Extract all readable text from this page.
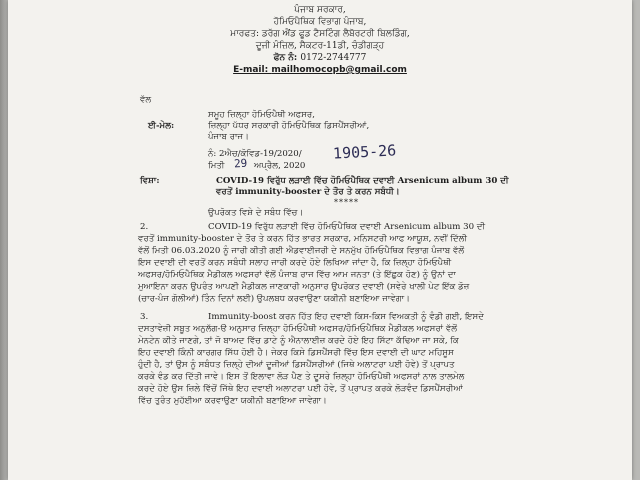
ਪੰਜਾਬ ਸਰਕਾਰ,
ਹੋਮਿਓਪੈਥਿਕ ਵਿਭਾਗ ਪੰਜਾਬ,
ਮਾਰਫਤ: ਡਰੱਗ ਐਂਡ ਫੂਡ ਟੈਸਟਿੰਗ ਲੈਬੋਰਟਰੀ ਬਿਲਡਿੰਗ,
ਦੂਜੀ ਮੰਜ਼ਿਲ, ਸੈਕਟਰ-11ਡੀ, ਚੰਡੀਗੜ੍ਹ
ਫੋਨ ਨੰ: 0172-2744777
E-mail: mailhomocopb@gmail.com
ਵੱਲ
ਸਮੂਹ ਜ਼ਿਲ੍ਹਾ ਹੋਮਿਓਪੈਥੀ ਅਫਸਰ,
ਈ-ਮੇਲ:	ਜ਼ਿਲ੍ਹਾ ਪੱਧਰ ਸਰਕਾਰੀ ਹੋਮਿਓਪੈਥਿਕ ਡਿਸਪੈਂਸਰੀਆਂ,
ਪੰਜਾਬ ਰਾਜ।
ਨੰ: 2ਐਚ/ਕੋਵਿਡ-19/2020/ 1905-26
ਮਿਤੀ 29 ਅਪ੍ਰੈਲ, 2020
ਵਿਸ਼ਾ:	COVID-19 ਵਿਰੁੱਧ ਲੜਾਈ ਵਿੱਚ ਹੋਮਿਓਪੈਥਿਕ ਦਵਾਈ Arsenicum album 30 ਦੀ
ਵਰਤੋਂ immunity-booster ਦੇ ਤੌਰ ਤੇ ਕਰਨ ਸਬੰਧੀ।
*****
ਉਪਰੋਕਤ ਵਿਸ਼ੇ ਦੇ ਸਬੰਧ ਵਿੱਚ।
2.	COVID-19 ਵਿਰੁੱਧ ਲੜਾਈ ਵਿੱਚ ਹੋਮਿਓਪੈਥਿਕ ਦਵਾਈ Arsenicum album 30 ਦੀ
ਵਰਤੋਂ immunity-booster ਦੇ ਤੌਰ ਤੇ ਕਰਨ ਹਿੱਤ ਭਾਰਤ ਸਰਕਾਰ, ਮਨਿਸਟਰੀ ਆਫ ਆਯੂਸ਼, ਨਵੀਂ ਦਿੱਲੀ
ਵੱਲੋਂ ਮਿਤੀ 06.03.2020 ਨੂੰ ਜਾਰੀ ਕੀਤੀ ਗਈ ਐਡਵਾਈਜਰੀ ਦੇ ਸਨਮੁੱਖ ਹੋਮਿਓਪੈਥਿਕ ਵਿਭਾਗ ਪੰਜਾਬ ਵੱਲੋਂ
ਇਸ ਦਵਾਈ ਦੀ ਵਰਤੋਂ ਕਰਨ ਸਬੰਧੀ ਸਲਾਹ ਜਾਰੀ ਕਰਦੇ ਹੋਏ ਲਿਖਿਆ ਜਾਂਦਾ ਹੈ, ਕਿ ਜ਼ਿਲ੍ਹਾ ਹੋਮਿਓਪੈਥੀ
ਅਫਸਰ/ਹੋਮਿਓਪੈਥਿਕ ਮੈਡੀਕਲ ਅਫਸਰਾਂ ਵੱਲੋਂ ਪੰਜਾਬ ਰਾਜ ਵਿੱਚ ਆਮ ਜਨਤਾ (ਤੇ ਇੱਛੁਕ ਹੋਣ) ਨੂੰ ਉਨਾਂ ਦਾ
ਮੁਆਇਨਾ ਕਰਨ ਉਪਰੰਤ ਆਪਣੀ ਮੈਡੀਕਲ ਜਾਣਕਾਰੀ ਅਨੁਸਾਰ ਉਪਰੋਕਤ ਦਵਾਈ (ਸਵੇਰੇ ਖਾਲੀ ਪੇਟ ਇੱਕ ਡੋਜ਼
(ਚਾਰ-ਪੰਜ ਗੋਲੀਆਂ) ਤਿੰਨ ਦਿਨਾਂ ਲਈ) ਉਪਲਬਧ ਕਰਵਾਉਣਾ ਯਕੀਨੀ ਬਣਾਇਆ ਜਾਵੇਗਾ।
3.	Immunity-boost ਕਰਨ ਹਿੱਤ ਇਹ ਦਵਾਈ ਕਿਸ-ਕਿਸ ਵਿਅਕਤੀ ਨੂੰ ਵੰਡੀ ਗਈ, ਇਸਦੇ
ਦਸਤਾਵੇਜ਼ੀ ਸਬੂਤ ਅਨੁਲੱਗ-ੳ ਅਨੁਸਾਰ ਜ਼ਿਲ੍ਹਾ ਹੋਮਿਓਪੈਥੀ ਅਫਸਰ/ਹੋਮਿਓਪੈਥਿਕ ਮੈਡੀਕਲ ਅਫਸਰਾਂ ਵੱਲੋਂ
ਮੇਨਟੇਨ ਕੀਤੇ ਜਾਣਗੇ, ਤਾਂ ਜੋ ਬਾਅਦ ਵਿੱਚ ਡਾਟੇ ਨੂੰ ਐਨਾਲਾਈਜ਼ ਕਰਦੇ ਹੋਏ ਇਹ ਸਿੱਟਾ ਕੱਢਿਆ ਜਾ ਸਕੇ, ਕਿ
ਇਹ ਦਵਾਈ ਕਿੰਨੀ ਕਾਰਗਰ ਸਿੱਧ ਹੋਈ ਹੈ। ਜੇਕਰ ਕਿਸੇ ਡਿਸਪੈਂਸਰੀ ਵਿੱਚ ਇਸ ਦਵਾਈ ਦੀ ਘਾਟ ਮਹਿਸੂਸ
ਹੁੰਦੀ ਹੈ, ਤਾਂ ਉਸ ਨੂੰ ਸਬੰਧਤ ਜ਼ਿਲ੍ਹੇ ਦੀਆਂ ਦੂਜੀਆਂ ਡਿਸਪੈਂਸਰੀਆਂ (ਜਿਥੇ ਅਲਾਟਰਾ ਪਈ ਹੋਵੇ) ਤੋਂ ਪ੍ਰਾਪਤ
ਕਰਕੇ ਵੰਡ ਕਰ ਦਿੱਤੀ ਜਾਵੇ। ਇਸ ਤੋਂ ਇਲਾਵਾ ਲੋੜ ਪੈਣ ਤੇ ਦੂਸਰੇ ਜ਼ਿਲ੍ਹਾ ਹੋਮਿਓਪੈਥੀ ਅਫਸਰਾਂ ਨਾਲ ਤਾਲਮੇਲ
ਕਰਦੇ ਹੋਏ ਉਸ ਜ਼ਿਲੇ ਵਿੱਚੋਂ ਜਿੱਥੇ ਇਹ ਦਵਾਈ ਅਲਾਟਰਾ ਪਈ ਹੋਵੇ, ਤੋਂ ਪ੍ਰਾਪਤ ਕਰਕੇ ਲੋੜਵੰਦ ਡਿਸਪੈਂਸਰੀਆਂ
ਵਿੱਚ ਤੁਰੰਤ ਮੁਹੱਈਆ ਕਰਵਾਉਣਾ ਯਕੀਨੀ ਬਣਾਇਆ ਜਾਵੇਗਾ।
